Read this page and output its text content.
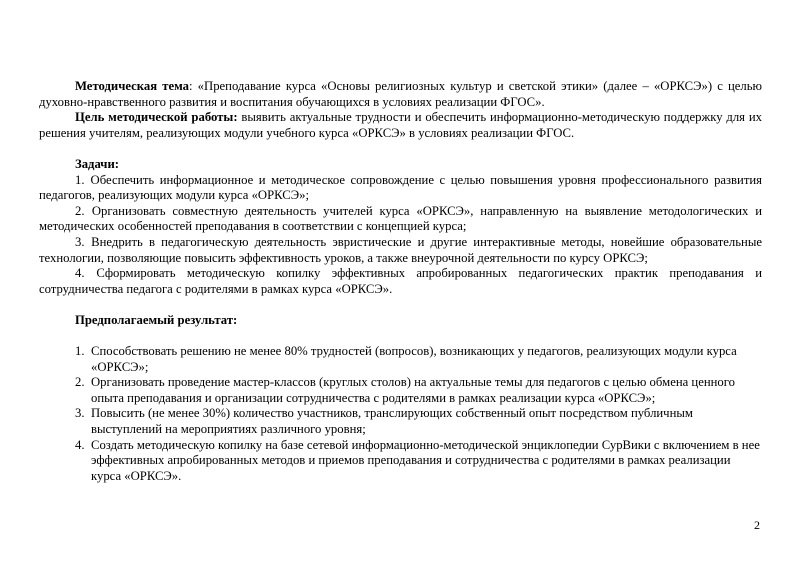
Методическая тема: «Преподавание курса «Основы религиозных культур и светской этики» (далее – «ОРКСЭ») с целью духовно-нравственного развития и воспитания обучающихся в условиях реализации ФГОС».

Цель методической работы: выявить актуальные трудности и обеспечить информационно-методическую поддержку для их решения учителям, реализующих модули учебного курса «ОРКСЭ» в условиях реализации ФГОС.

Задачи:

1. Обеспечить информационное и методическое сопровождение с целью повышения уровня профессионального развития педагогов, реализующих модули курса «ОРКСЭ»;

2. Организовать совместную деятельность учителей курса «ОРКСЭ», направленную на выявление методологических и методических особенностей преподавания в соответствии с концепцией курса;

3. Внедрить в педагогическую деятельность эвристические и другие интерактивные методы, новейшие образовательные технологии, позволяющие повысить эффективность уроков, а также внеурочной деятельности по курсу ОРКСЭ;

4. Сформировать методическую копилку эффективных апробированных педагогических практик преподавания и сотрудничества педагога с родителями в рамках курса «ОРКСЭ».

Предполагаемый результат:

1. Способствовать решению не менее 80% трудностей (вопросов), возникающих у педагогов, реализующих модули курса «ОРКСЭ»;
2. Организовать проведение мастер-классов (круглых столов) на актуальные темы для педагогов с целью обмена ценного опыта преподавания и организации сотрудничества с родителями в рамках реализации курса «ОРКСЭ»;
3. Повысить (не менее 30%) количество участников, транслирующих собственный опыт посредством публичным выступлений на мероприятиях различного уровня;
4. Создать методическую копилку на базе сетевой информационно-методической энциклопедии СурВики с включением в нее эффективных апробированных методов и приемов преподавания и сотрудничества с родителями в рамках реализации курса «ОРКСЭ».
2
